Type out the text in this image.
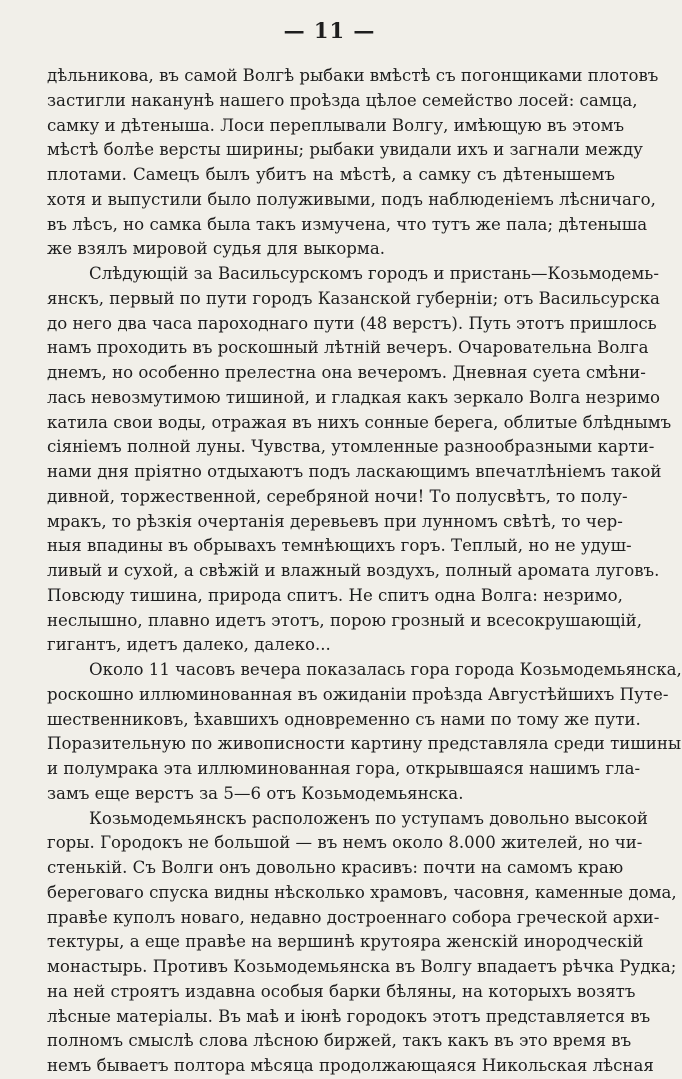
— 11 —
дѣльникова, въ самой Волгѣ рыбаки вмѣстѣ съ погонщиками плотовъ
застигли накан﻿унѣ нашего проѣзда цѣлое семейство лосей: самца,
самку и дѣтеныша. Лоси переплывали Волгу, имѣющую въ этомъ
мѣстѣ болѣе версты ширины; рыбаки увидали ихъ и загнали между
плотами. Самецъ былъ убитъ на мѣстѣ, а самку съ дѣтенышемъ
хотя и выпустили было полуживыми, подъ наблюденіемъ лѣсничаго,
въ лѣсъ, но самка была такъ измучена, что тутъ же пала; дѣтеныша
же взялъ мировой судья для выкорма.
Слѣдующій за Васильсурскомъ городъ и пристань—Козьмодемь-
янскъ, первый по пути городъ Казанской губерніи; отъ Васильсурска
до него два часа пароходнаго пути (48 верстъ). Путь этотъ пришлось
намъ проходить въ роскошный лѣтній вечеръ. Очаровательна Волга
днемъ, но особенно прелестна она вечеромъ. Дневная суета смѣни-
лась невозмутимою тишиной, и гладкая какъ зеркало Волга незримо
катила свои воды, отражая въ нихъ сонные берега, облитые блѣднымъ
сіяніемъ полной луны. Чувства, утомленные разнообразными карти-
нами дня пріятно отдыхаютъ подъ ласкающимъ впечатлѣніемъ такой
дивной, торжественной, серебряной ночи! То полусвѣтъ, то полу-
мракъ, то рѣзкія очертанія деревьевъ при лунномъ свѣтѣ, то чер-
ныя впадины въ обрывахъ темнѣющихъ горъ. Теплый, но не удуш-
ливый и сухой, а свѣжій и влажный воздухъ, полный аромата луговъ.
Повсюду тишина, природа спитъ. Не спитъ одна Волга: незримо,
неслышно, плавно идетъ этотъ, порою грозный и всесокрушающій,
гигантъ, идетъ далеко, далеко...
Около 11 часовъ вечера показалась гора города Козьмодемьянска,
роскошно иллюминованная въ ожиданіи проѣзда Августѣйшихъ Путе-
шественниковъ, ѣхавшихъ одновременно съ нами по тому же пути.
Поразительную по живописности картину представляла среди тишины
и полумрака эта иллюминованная гора, открывшаяся нашимъ гла-
замъ еще верстъ за 5—6 отъ Козьмодемьянска.
Козьмодемьянскъ расположенъ по уступамъ довольно высокой
горы. Городокъ не большой — въ немъ около 8.000 жителей, но чи-
стенькій. Съ Волги онъ довольно красивъ: почти на самомъ краю
береговаго спуска видны нѣсколько храмовъ, часовня, каменные дома,
правѣе куполъ новаго, недавно достроеннаго собора греческой архи-
тектуры, а еще правѣе на вершинѣ крутояра женскій инородческій
монастырь. Противъ Козьмодемьянска въ Волгу впадаетъ рѣчка Рудка;
на ней строятъ издавна особыя барки бѣляны, на которыхъ возятъ
лѣсные матеріалы. Въ маѣ и іюнѣ городокъ этотъ представляется въ
полномъ смыслѣ слова лѣсною биржей, такъ какъ въ это время въ
немъ бываетъ полтора мѣсяца продолжающаяся Никольская лѣсная
